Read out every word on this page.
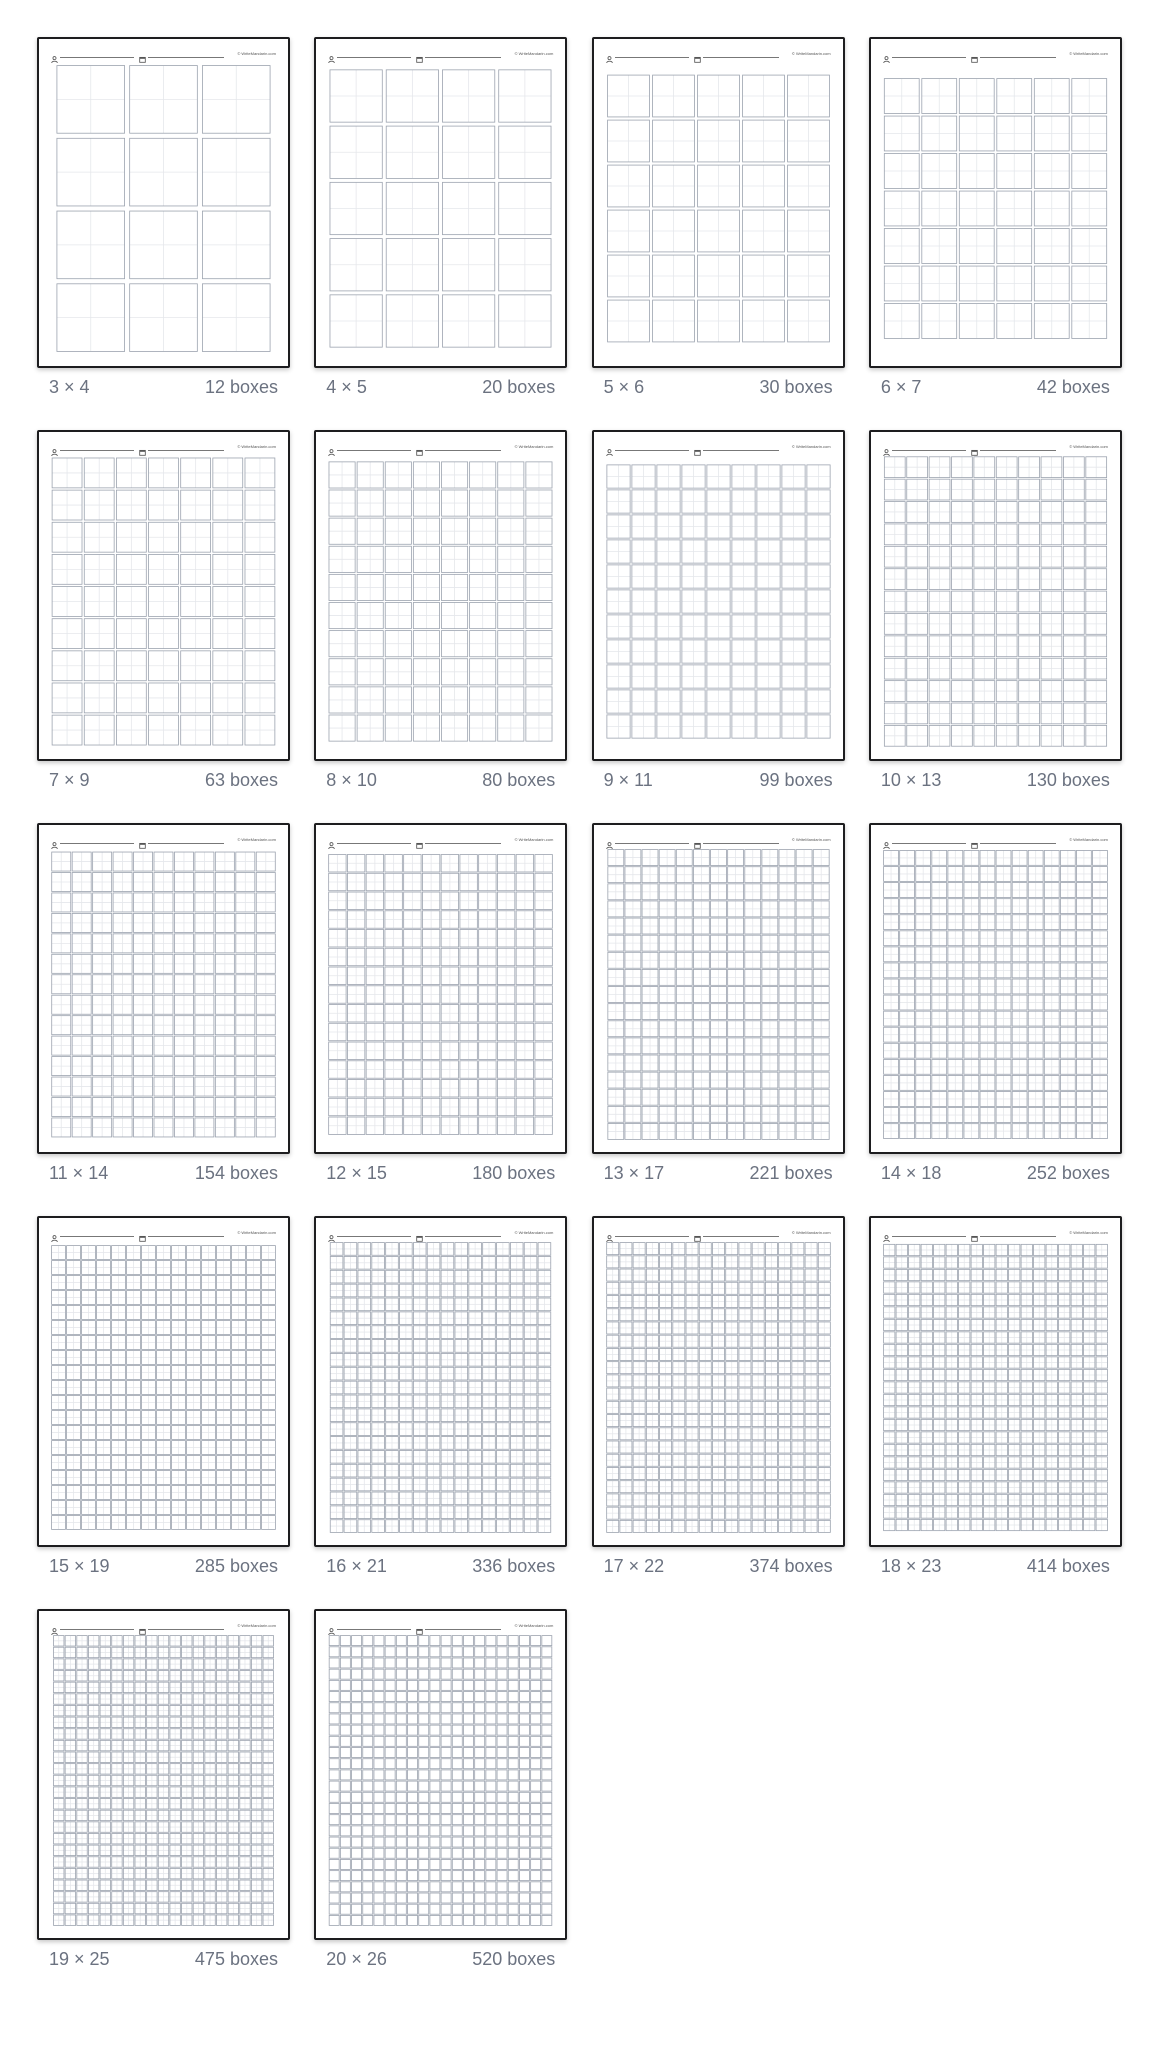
© WriteMandarin.com
3 × 4	12 boxes
© WriteMandarin.com
4 × 5	20 boxes
© WriteMandarin.com
5 × 6	30 boxes
© WriteMandarin.com
6 × 7	42 boxes
© WriteMandarin.com
7 × 9	63 boxes
© WriteMandarin.com
8 × 10	80 boxes
© WriteMandarin.com
9 × 11	99 boxes
© WriteMandarin.com
10 × 13	130 boxes
© WriteMandarin.com
11 × 14	154 boxes
© WriteMandarin.com
12 × 15	180 boxes
© WriteMandarin.com
13 × 17	221 boxes
© WriteMandarin.com
14 × 18	252 boxes
© WriteMandarin.com
15 × 19	285 boxes
© WriteMandarin.com
16 × 21	336 boxes
© WriteMandarin.com
17 × 22	374 boxes
© WriteMandarin.com
18 × 23	414 boxes
© WriteMandarin.com
19 × 25	475 boxes
© WriteMandarin.com
20 × 26	520 boxes
